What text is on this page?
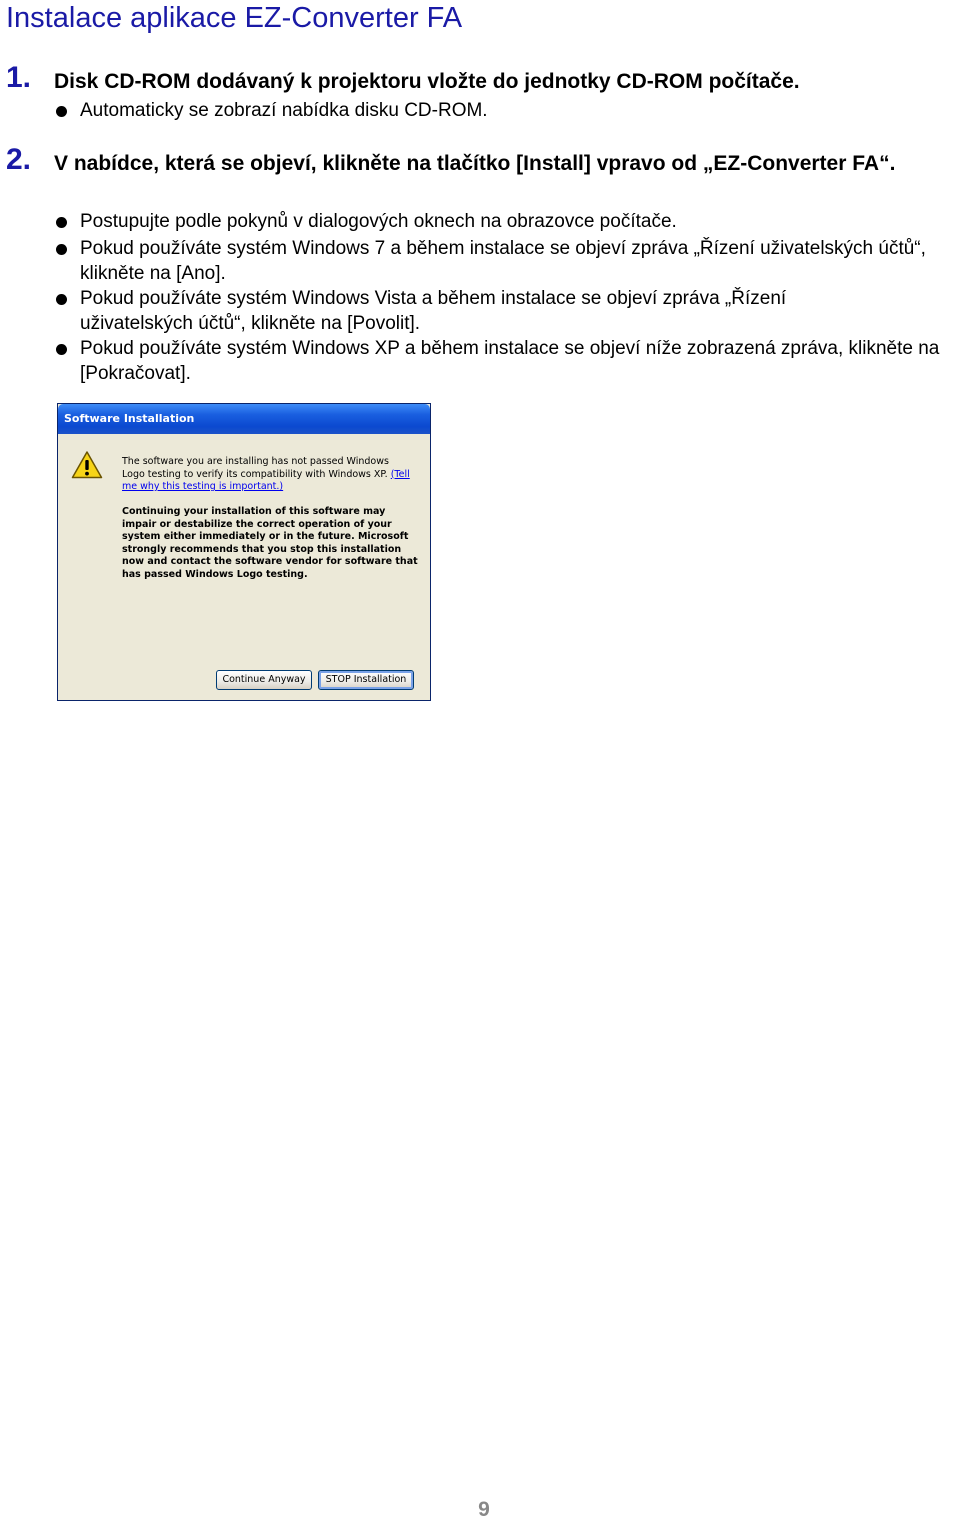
Instalace aplikace EZ-Converter FA
1. Disk CD-ROM dodávaný k projektoru vložte do jednotky CD-ROM počítače.
Automaticky se zobrazí nabídka disku CD-ROM.
2. V nabídce, která se objeví, klikněte na tlačítko [Install] vpravo od „EZ-Converter FA“.
Postupujte podle pokynů v dialogových oknech na obrazovce počítače.
Pokud používáte systém Windows 7 a během instalace se objeví zpráva „Řízení uživatelských účtů“, klikněte na [Ano].
Pokud používáte systém Windows Vista a během instalace se objeví zpráva „Řízení uživatelských účtů“, klikněte na [Povolit].
Pokud používáte systém Windows XP a během instalace se objeví níže zobrazená zpráva, klikněte na [Pokračovat].
Software Installation
The software you are installing has not passed Windows Logo testing to verify its compatibility with Windows XP. (Tell me why this testing is important.)
Continuing your installation of this software may impair or destabilize the correct operation of your system either immediately or in the future. Microsoft strongly recommends that you stop this installation now and contact the software vendor for software that has passed Windows Logo testing.
Continue Anyway	STOP Installation
9
